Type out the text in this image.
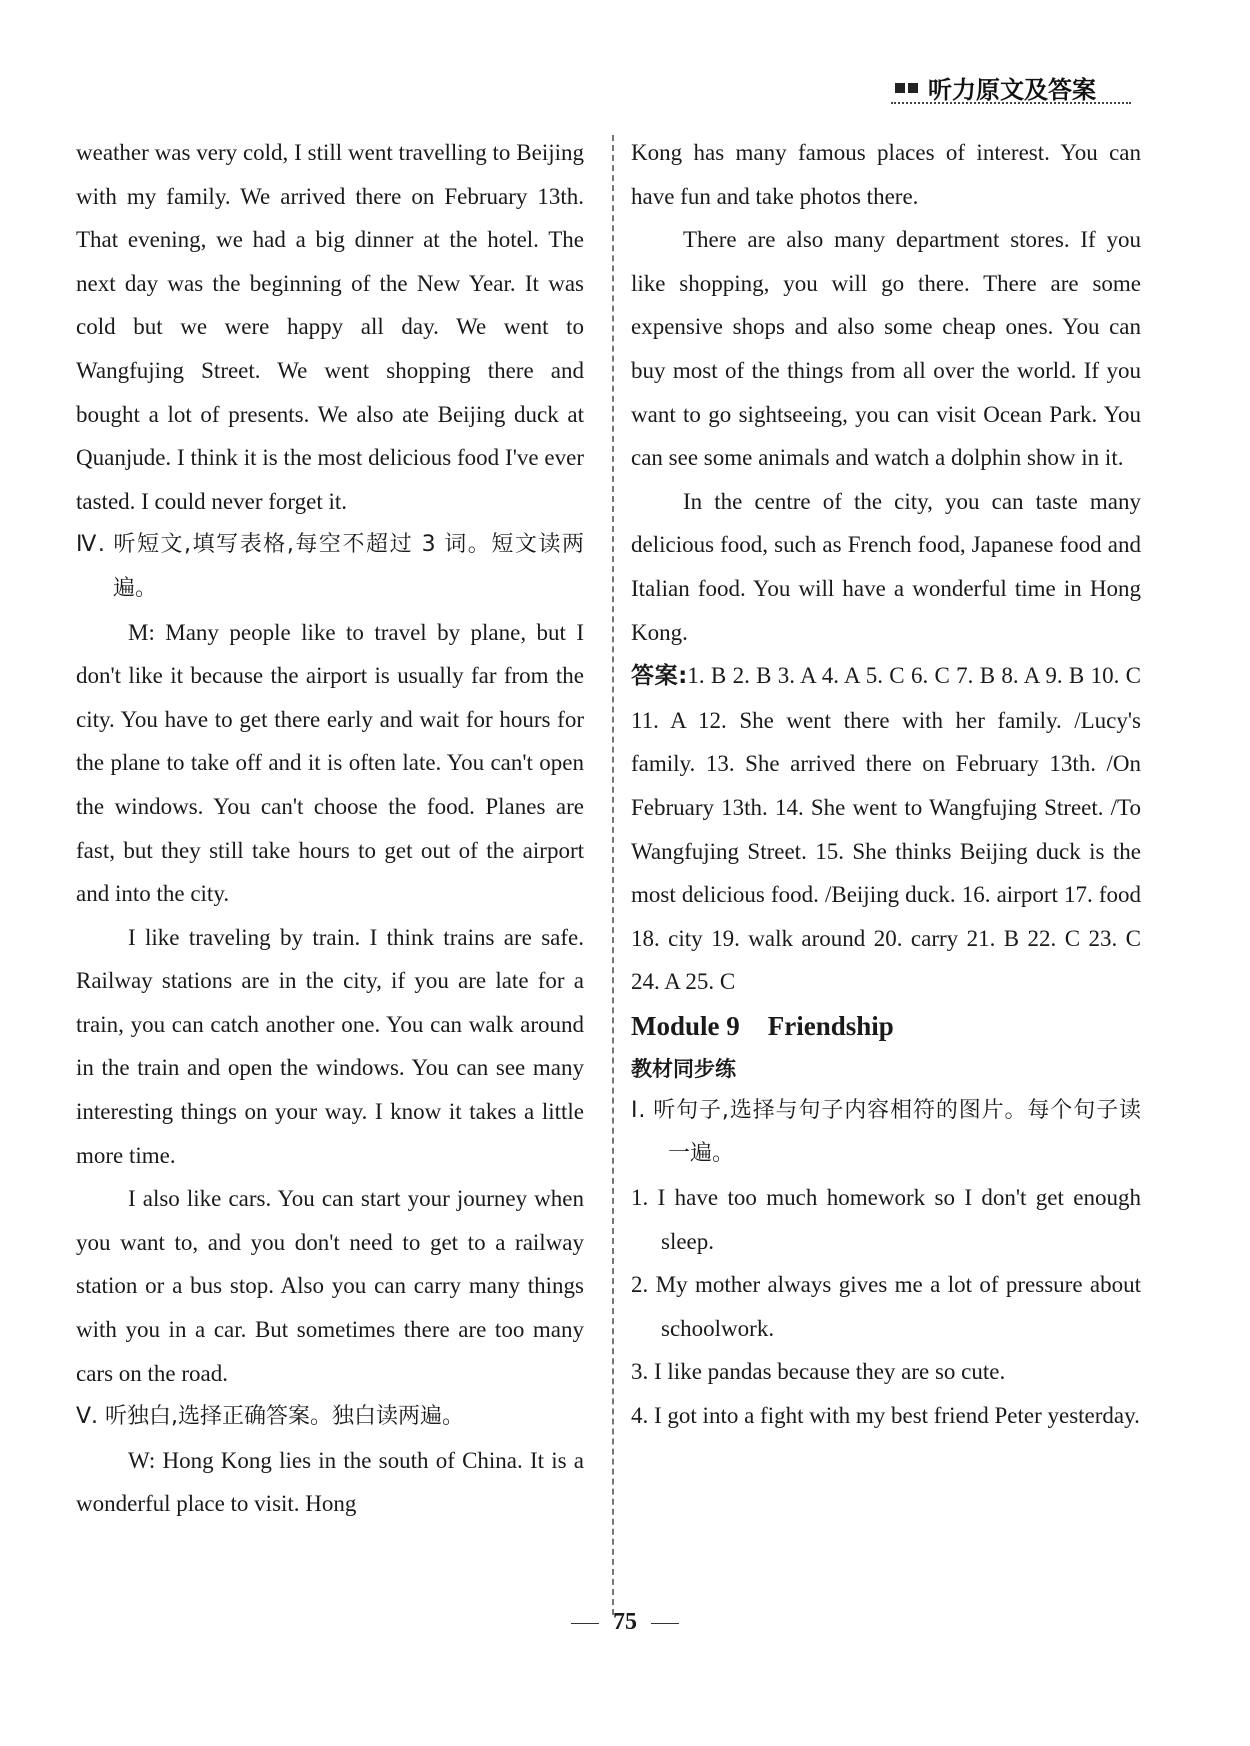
听力原文及答案

weather was very cold, I still went travelling to Beijing with my family. We arrived there on February 13th. That evening, we had a big dinner at the hotel. The next day was the beginning of the New Year. It was cold but we were happy all day. We went to Wangfujing Street. We went shopping there and bought a lot of presents. We also ate Beijing duck at Quanjude. I think it is the most delicious food I've ever tasted. I could never forget it.

Ⅳ. 听短文,填写表格,每空不超过 3 词。短文读两遍。

M: Many people like to travel by plane, but I don't like it because the airport is usually far from the city. You have to get there early and wait for hours for the plane to take off and it is often late. You can't open the windows. You can't choose the food. Planes are fast, but they still take hours to get out of the airport and into the city.

I like traveling by train. I think trains are safe. Railway stations are in the city, if you are late for a train, you can catch another one. You can walk around in the train and open the windows. You can see many interesting things on your way. I know it takes a little more time.

I also like cars. You can start your journey when you want to, and you don't need to get to a railway station or a bus stop. Also you can carry many things with you in a car. But sometimes there are too many cars on the road.

Ⅴ. 听独白,选择正确答案。独白读两遍。

W: Hong Kong lies in the south of China. It is a wonderful place to visit. Hong

Kong has many famous places of interest. You can have fun and take photos there.

There are also many department stores. If you like shopping, you will go there. There are some expensive shops and also some cheap ones. You can buy most of the things from all over the world. If you want to go sightseeing, you can visit Ocean Park. You can see some animals and watch a dolphin show in it.

In the centre of the city, you can taste many delicious food, such as French food, Japanese food and Italian food. You will have a wonderful time in Hong Kong.

答案:1. B 2. B 3. A 4. A 5. C 6. C 7. B 8. A 9. B 10. C 11. A 12. She went there with her family. /Lucy's family. 13. She arrived there on February 13th. /On February 13th. 14. She went to Wangfujing Street. /To Wangfujing Street. 15. She thinks Beijing duck is the most delicious food. /Beijing duck. 16. airport 17. food 18. city 19. walk around 20. carry 21. B 22. C 23. C 24. A 25. C

Module 9 Friendship

教材同步练

Ⅰ. 听句子,选择与句子内容相符的图片。每个句子读一遍。

1. I have too much homework so I don't get enough sleep.

2. My mother always gives me a lot of pressure about schoolwork.

3. I like pandas because they are so cute.

4. I got into a fight with my best friend Peter yesterday.

75
